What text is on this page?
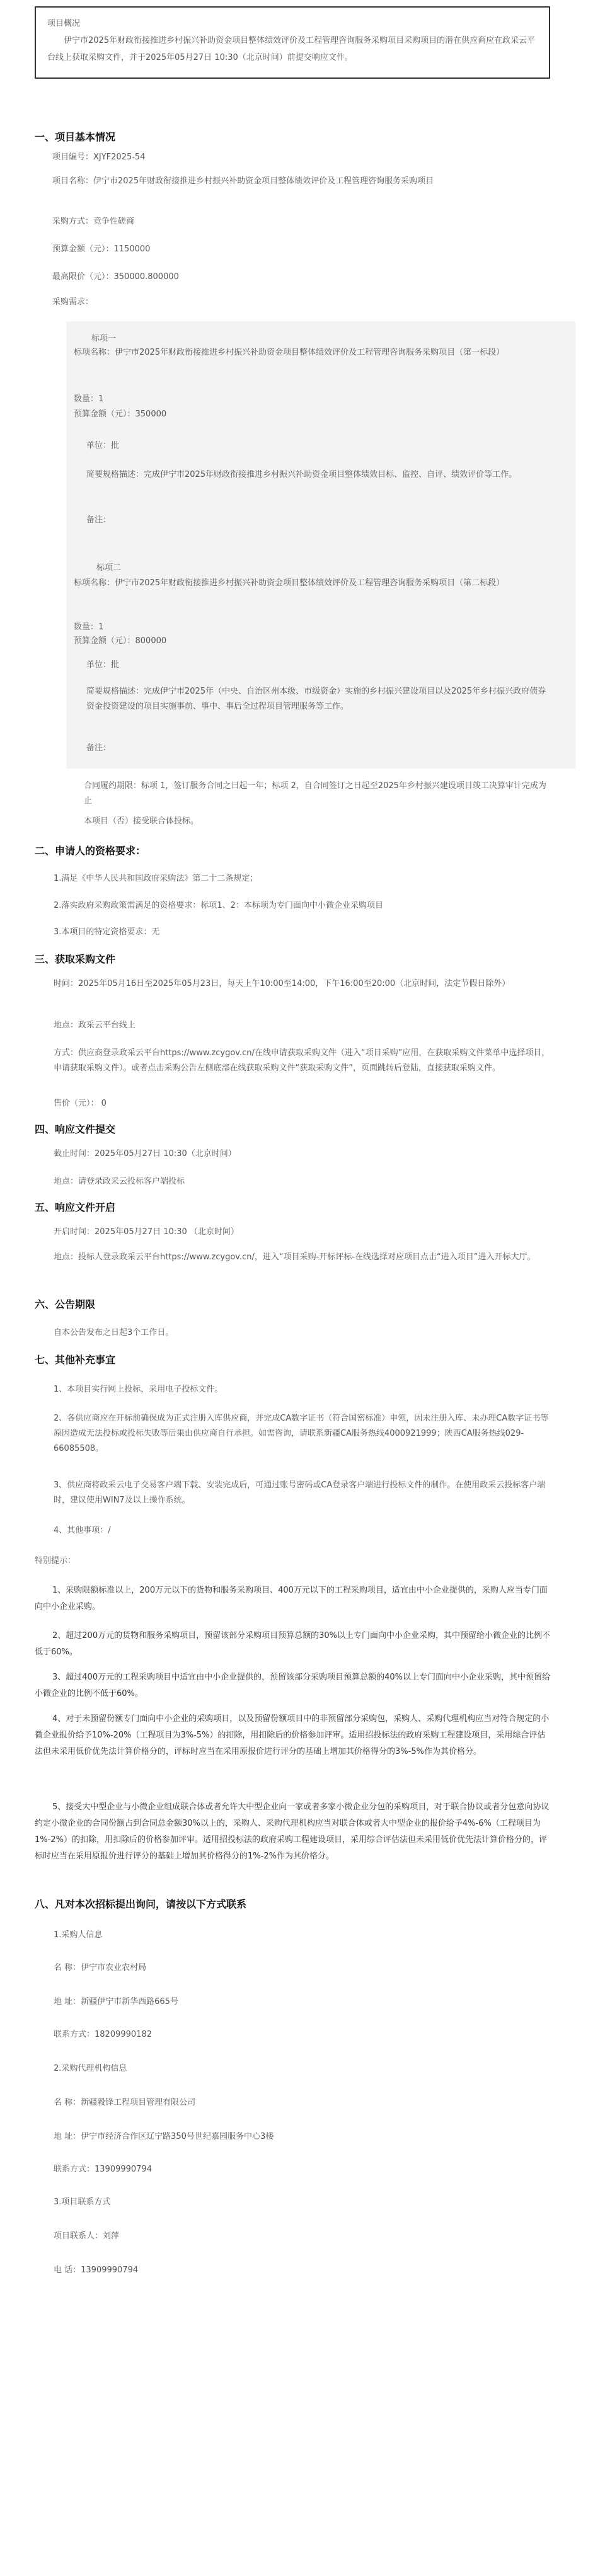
项目概况
伊宁市2025年财政衔接推进乡村振兴补助资金项目整体绩效评价及工程管理咨询服务采购项目采购项目的潜在供应商应在政采云平台线上获取采购文件，并于2025年05月27日 10:30（北京时间）前提交响应文件。
一、项目基本情况
项目编号：XJYF2025-54
项目名称：伊宁市2025年财政衔接推进乡村振兴补助资金项目整体绩效评价及工程管理咨询服务采购项目
采购方式：竞争性磋商
预算金额（元）：1150000
最高限价（元）：350000.800000
采购需求：
标项一
标项名称：伊宁市2025年财政衔接推进乡村振兴补助资金项目整体绩效评价及工程管理咨询服务采购项目（第一标段）
数量：1
预算金额（元）：350000
单位：批
简要规格描述：完成伊宁市2025年财政衔接推进乡村振兴补助资金项目整体绩效目标、监控、自评、绩效评价等工作。
备注：
标项二
标项名称：伊宁市2025年财政衔接推进乡村振兴补助资金项目整体绩效评价及工程管理咨询服务采购项目（第二标段）
数量：1
预算金额（元）：800000
单位：批
简要规格描述：完成伊宁市2025年（中央、自治区州本级、市级资金）实施的乡村振兴建设项目以及2025年乡村振兴政府债券资金投资建设的项目实施事前、事中、事后全过程项目管理服务等工作。
备注：
合同履约期限：标项 1，签订服务合同之日起一年；标项 2，自合同签订之日起至2025年乡村振兴建设项目竣工决算审计完成为止
本项目（否）接受联合体投标。
二、申请人的资格要求：
1.满足《中华人民共和国政府采购法》第二十二条规定；
2.落实政府采购政策需满足的资格要求：标项1、2：本标项为专门面向中小微企业采购项目
3.本项目的特定资格要求：无
三、获取采购文件
时间：2025年05月16日至2025年05月23日，每天上午10:00至14:00，下午16:00至20:00（北京时间，法定节假日除外）
地点：政采云平台线上
方式：供应商登录政采云平台https://www.zcygov.cn/在线申请获取采购文件（进入“项目采购”应用，在获取采购文件菜单中选择项目，申请获取采购文件）。或者点击采购公告左侧底部在线获取采购文件“获取采购文件”，页面跳转后登陆，直接获取采购文件。
售价（元）： 0
四、响应文件提交
截止时间：2025年05月27日 10:30（北京时间）
地点：请登录政采云投标客户端投标
五、响应文件开启
开启时间：2025年05月27日 10:30 （北京时间）
地点：投标人登录政采云平台https://www.zcygov.cn/，进入“项目采购-开标评标-在线选择对应项目点击“进入项目”进入开标大厅。
六、公告期限
自本公告发布之日起3个工作日。
七、其他补充事宜
1、本项目实行网上投标，采用电子投标文件。
2、各供应商应在开标前确保成为正式注册入库供应商，并完成CA数字证书（符合国密标准）申领，因未注册入库、未办理CA数字证书等原因造成无法投标或投标失败等后果由供应商自行承担。如需咨询，请联系新疆CA服务热线4000921999；陕西CA服务热线029-66085508。
3、供应商将政采云电子交易客户端下载、安装完成后，可通过账号密码或CA登录客户端进行投标文件的制作。在使用政采云投标客户端时，建议使用WIN7及以上操作系统。
4、其他事项：/
特别提示：
1、采购限额标准以上，200万元以下的货物和服务采购项目、400万元以下的工程采购项目，适宜由中小企业提供的，采购人应当专门面向中小企业采购。
2、超过200万元的货物和服务采购项目，预留该部分采购项目预算总额的30%以上专门面向中小企业采购，其中预留给小微企业的比例不低于60%。
3、超过400万元的工程采购项目中适宜由中小企业提供的，预留该部分采购项目预算总额的40%以上专门面向中小企业采购，其中预留给小微企业的比例不低于60%。
4、对于未预留份额专门面向中小企业的采购项目，以及预留份额项目中的非预留部分采购包，采购人、采购代理机构应当对符合规定的小微企业报价给予10%-20%（工程项目为3%-5%）的扣除，用扣除后的价格参加评审。适用招投标法的政府采购工程建设项目，采用综合评估法但未采用低价优先法计算价格分的，评标时应当在采用原报价进行评分的基础上增加其价格得分的3%-5%作为其价格分。
5、接受大中型企业与小微企业组成联合体或者允许大中型企业向一家或者多家小微企业分包的采购项目，对于联合协议或者分包意向协议约定小微企业的合同份额占到合同总金额30%以上的，采购人、采购代理机构应当对联合体或者大中型企业的报价给予4%-6%（工程项目为1%-2%）的扣除，用扣除后的价格参加评审。适用招投标法的政府采购工程建设项目，采用综合评估法但未采用低价优先法计算价格分的，评标时应当在采用原报价进行评分的基础上增加其价格得分的1%-2%作为其价格分。
八、凡对本次招标提出询问，请按以下方式联系
1.采购人信息
名 称：伊宁市农业农村局
地 址：新疆伊宁市新华西路665号
联系方式：18209990182
2.采购代理机构信息
名 称：新疆毅锋工程项目管理有限公司
地 址：伊宁市经济合作区辽宁路350号世纪嘉园服务中心3楼
联系方式：13909990794
3.项目联系方式
项目联系人：刘萍
电 话：13909990794
